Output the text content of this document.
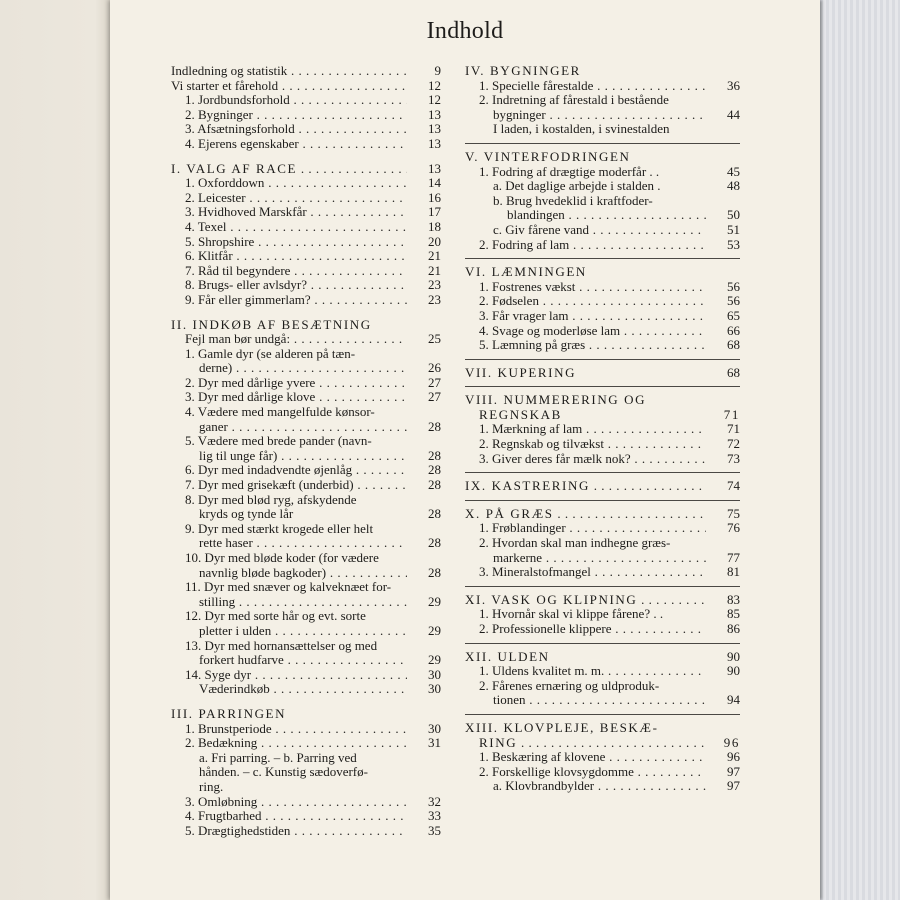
Indhold
Indledning og statistik . . .	9
Vi starter et fårehold . . .	12
1. Jordbundsforhold . . .	12
2. Bygninger . . .	13
3. Afsætningsforhold . . .	13
4. Ejerens egenskaber . . .	13
I. VALG AF RACE . . .	13
1. Oxforddown . . .	14
2. Leicester . . .	16
3. Hvidhoved Marskfår . . .	17
4. Texel . . .	18
5. Shropshire . . .	20
6. Klitfår . . .	21
7. Råd til begyndere . . .	21
8. Brugs- eller avlsdyr? . . .	23
9. Får eller gimmerlam? . . .	23
II. INDKØB AF BESÆTNING
Fejl man bør undgå: . . .	25
1. Gamle dyr (se alderen på tæn-
derne) . . .	26
2. Dyr med dårlige yvere . . .	27
3. Dyr med dårlige klove . . .	27
4. Vædere med mangelfulde kønsor-
ganer . . .	28
5. Vædere med brede pander (navn-
lig til unge får) . . .	28
6. Dyr med indadvendte øjenlåg . . .	28
7. Dyr med grisekæft (underbid) . . .	28
8. Dyr med blød ryg, afskydende
kryds og tynde lår	28
9. Dyr med stærkt krogede eller helt
rette haser . . .	28
10. Dyr med bløde koder (for vædere
navnlig bløde bagkoder) . . .	28
11. Dyr med snæver og kalveknæet for-
stilling . . .	29
12. Dyr med sorte hår og evt. sorte
pletter i ulden . . .	29
13. Dyr med hornansættelser og med
forkert hudfarve . . .	29
14. Syge dyr . . .	30
Væderindkøb . . .	30
III. PARRINGEN
1. Brunstperiode . . .	30
2. Bedækning . . .	31
a. Fri parring. – b. Parring ved
hånden. – c. Kunstig sædoverfø-
ring.
3. Omløbning . . .	32
4. Frugtbarhed . . .	33
5. Drægtighedstiden . . .	35
IV. BYGNINGER
1. Specielle fårestalde . . .	36
2. Indretning af fårestald i bestående
bygninger . . .	44
I laden, i kostalden, i svinestalden
V. VINTERFODRINGEN
1. Fodring af drægtige moderfår . .	45
a. Det daglige arbejde i stalden .	48
b. Brug hvedeklid i kraftfoder-
blandingen . . .	50
c. Giv fårene vand . . .	51
2. Fodring af lam . . .	53
VI. LÆMNINGEN
1. Fostrenes vækst . . .	56
2. Fødselen . . .	56
3. Får vrager lam . . .	65
4. Svage og moderløse lam . . .	66
5. Læmning på græs . . .	68
VII. KUPERING	68
VIII. NUMMERERING OG
REGNSKAB	71
1. Mærkning af lam . . .	71
2. Regnskab og tilvækst . . .	72
3. Giver deres får mælk nok? . . .	73
IX. KASTRERING . . .	74
X. PÅ GRÆS . . .	75
1. Frøblandinger . . .	76
2. Hvordan skal man indhegne græs-
markerne . . .	77
3. Mineralstofmangel . . .	81
XI. VASK OG KLIPNING . . .	83
1. Hvornår skal vi klippe fårene? . .	85
2. Professionelle klippere . . .	86
XII. ULDEN	90
1. Uldens kvalitet m. m. . . .	90
2. Fårenes ernæring og uldproduk-
tionen . . .	94
XIII. KLOVPLEJE, BESKÆ-
RING . . .	96
1. Beskæring af klovene . . .	96
2. Forskellige klovsygdomme . . .	97
a. Klovbrandbylder . . .	97
